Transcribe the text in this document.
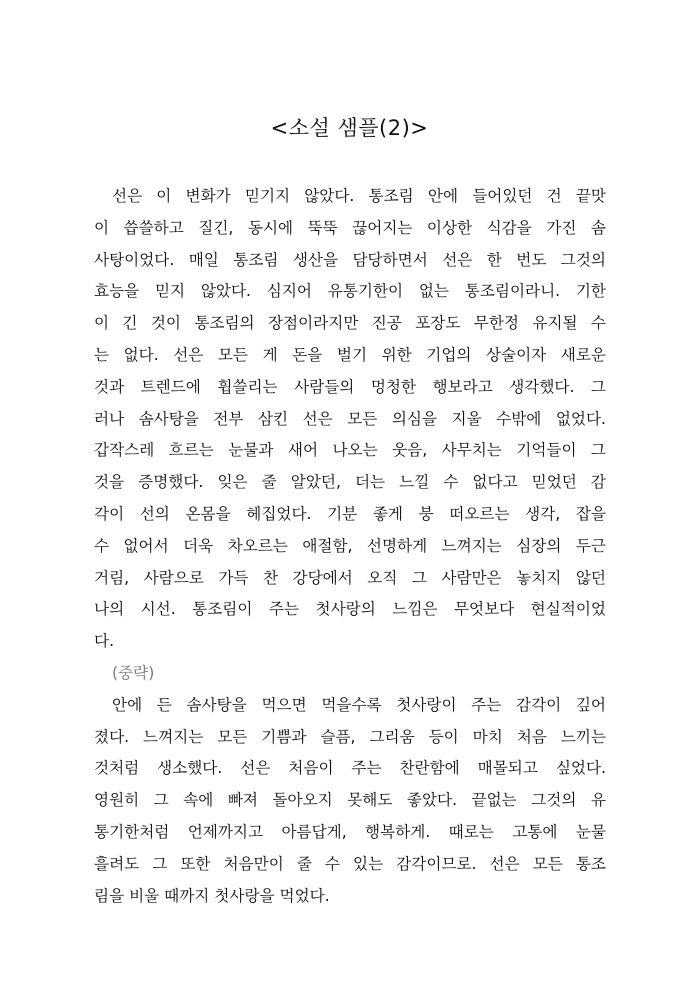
<소설 샘플(2)>
선은 이 변화가 믿기지 않았다. 통조림 안에 들어있던 건 끝맛
이 씁쓸하고 질긴, 동시에 뚝뚝 끊어지는 이상한 식감을 가진 솜
사탕이었다. 매일 통조림 생산을 담당하면서 선은 한 번도 그것의
효능을 믿지 않았다. 심지어 유통기한이 없는 통조림이라니. 기한
이 긴 것이 통조림의 장점이라지만 진공 포장도 무한정 유지될 수
는 없다. 선은 모든 게 돈을 벌기 위한 기업의 상술이자 새로운
것과 트렌드에 휩쓸리는 사람들의 멍청한 행보라고 생각했다. 그
러나 솜사탕을 전부 삼킨 선은 모든 의심을 지울 수밖에 없었다.
갑작스레 흐르는 눈물과 새어 나오는 웃음, 사무치는 기억들이 그
것을 증명했다. 잊은 줄 알았던, 더는 느낄 수 없다고 믿었던 감
각이 선의 온몸을 헤집었다. 기분 좋게 붕 떠오르는 생각, 잡을
수 없어서 더욱 차오르는 애절함, 선명하게 느껴지는 심장의 두근
거림, 사람으로 가득 찬 강당에서 오직 그 사람만은 놓치지 않던
나의 시선. 통조림이 주는 첫사랑의 느낌은 무엇보다 현실적이었
다.
(중략)
안에 든 솜사탕을 먹으면 먹을수록 첫사랑이 주는 감각이 깊어
졌다. 느껴지는 모든 기쁨과 슬픔, 그리움 등이 마치 처음 느끼는
것처럼 생소했다. 선은 처음이 주는 찬란함에 매몰되고 싶었다.
영원히 그 속에 빠져 돌아오지 못해도 좋았다. 끝없는 그것의 유
통기한처럼 언제까지고 아름답게, 행복하게. 때로는 고통에 눈물
흘려도 그 또한 처음만이 줄 수 있는 감각이므로. 선은 모든 통조
림을 비울 때까지 첫사랑을 먹었다.
